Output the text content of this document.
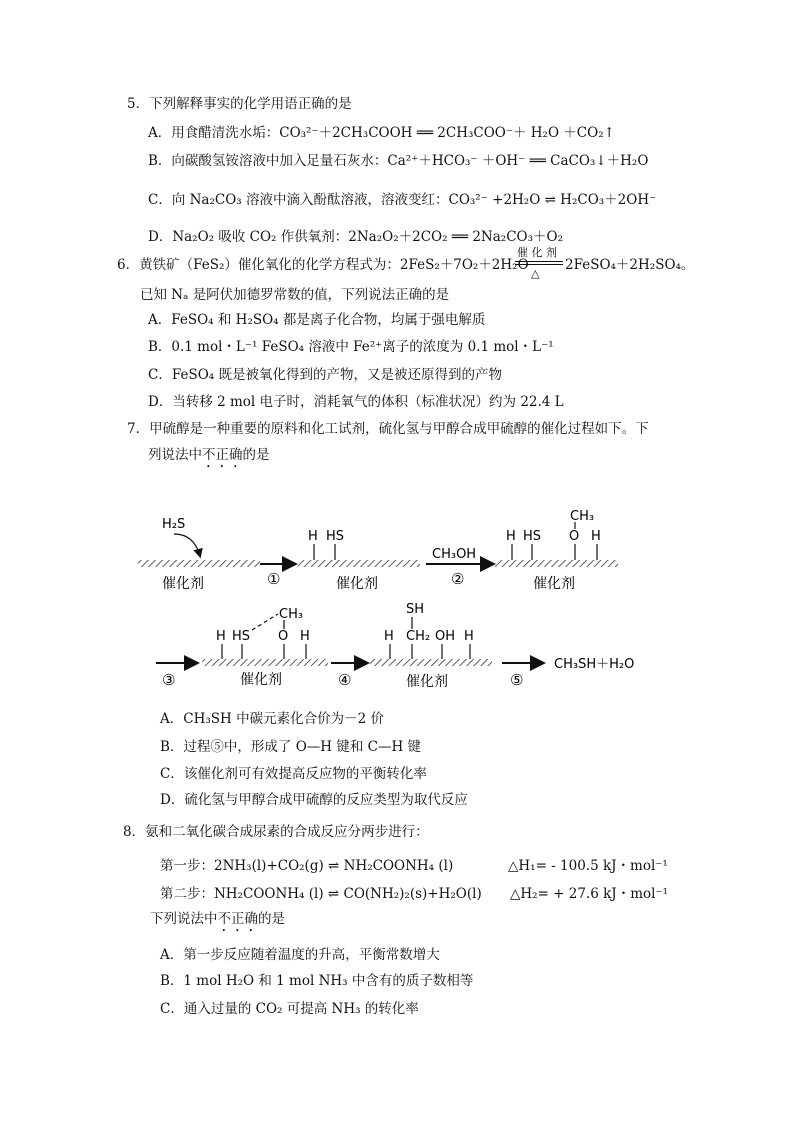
5．下列解释事实的化学用语正确的是
A．用食醋清洗水垢：CO₃²⁻＋2CH₃COOH ══ 2CH₃COO⁻＋ H₂O ＋CO₂↑
B．向碳酸氢铵溶液中加入足量石灰水：Ca²⁺＋HCO₃⁻ ＋OH⁻ ══ CaCO₃↓＋H₂O
C．向 Na₂CO₃ 溶液中滴入酚酞溶液，溶液变红：CO₃²⁻ +2H₂O ⇌ H₂CO₃＋2OH⁻
D．Na₂O₂ 吸收 CO₂ 作供氧剂：2Na₂O₂＋2CO₂ ══ 2Na₂CO₃＋O₂
6．黄铁矿（FeS₂）催化氧化的化学方程式为：2FeS₂＋7O₂＋2H₂O
催 化 剂
△
2FeSO₄＋2H₂SO₄。
已知 Nₐ 是阿伏加德罗常数的值，下列说法正确的是
A．FeSO₄ 和 H₂SO₄ 都是离子化合物，均属于强电解质
B．0.1 mol・L⁻¹ FeSO₄ 溶液中 Fe²⁺离子的浓度为 0.1 mol・L⁻¹
C．FeSO₄ 既是被氧化得到的产物，又是被还原得到的产物
D．当转移 2 mol 电子时，消耗氧气的体积（标准状况）约为 22.4 L
7．甲硫醇是一种重要的原料和化工试剂，硫化氢与甲醇合成甲硫醇的催化过程如下。下
列说法中不正确的是
H₂S
催化剂	①
H HS
催化剂
CH₃OH
②
H HS O
CH₃
H
催化剂
③
H HS O
CH₃
H
催化剂	④
H CH₂
SH
OH H
催化剂	⑤
CH₃SH＋H₂O
A．CH₃SH 中碳元素化合价为－2 价
B．过程⑤中，形成了 O—H 键和 C—H 键
C．该催化剂可有效提高反应物的平衡转化率
D．硫化氢与甲醇合成甲硫醇的反应类型为取代反应
8．氨和二氧化碳合成尿素的合成反应分两步进行：
第一步：2NH₃(l)+CO₂(g) ⇌ NH₂COONH₄ (l)	△H₁= - 100.5 kJ・mol⁻¹
第二步：NH₂COONH₄ (l) ⇌ CO(NH₂)₂(s)+H₂O(l) △H₂= + 27.6 kJ・mol⁻¹
下列说法中不正确的是
A．第一步反应随着温度的升高，平衡常数增大
B．1 mol H₂O 和 1 mol NH₃ 中含有的质子数相等
C．通入过量的 CO₂ 可提高 NH₃ 的转化率
